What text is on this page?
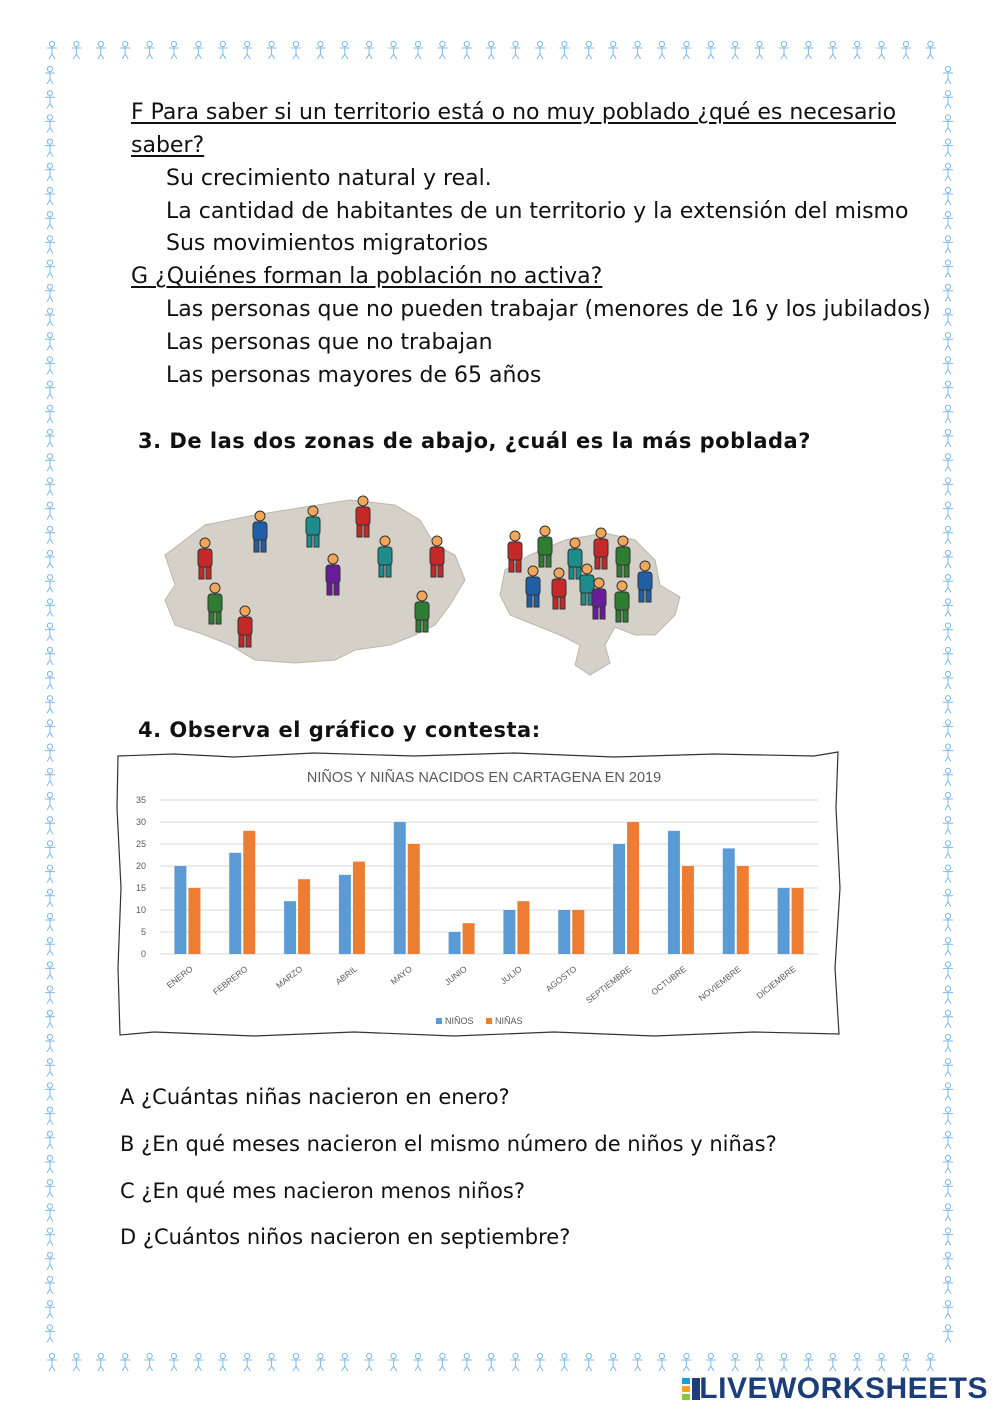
F Para saber si un territorio está o no muy poblado ¿qué es necesario
saber?
Su crecimiento natural y real.
La cantidad de habitantes de un territorio y la extensión del mismo
Sus movimientos migratorios
G ¿Quiénes forman la población no activa?
Las personas que no pueden trabajar (menores de 16 y los jubilados)
Las personas que no trabajan
Las personas mayores de 65 años
3. De las dos zonas de abajo, ¿cuál es la más poblada?
4. Observa el gráfico y contesta:
NIÑOS Y NIÑAS NACIDOS EN CARTAGENA EN 2019
0
5
10
15
20
25
30
35
ENERO FEBRERO	MARZO	ABRIL	MAYO	JUNIO	JULIO AGOSTO SEPTIEMBRE OCTUBRE NOVIEMBRE DICIEMBRE
NIÑOS NIÑAS
A ¿Cuántas niñas nacieron en enero?
B ¿En qué meses nacieron el mismo número de niños y niñas?
C ¿En qué mes nacieron menos niños?
D ¿Cuántos niños nacieron en septiembre?
LIVEWORKSHEETS
